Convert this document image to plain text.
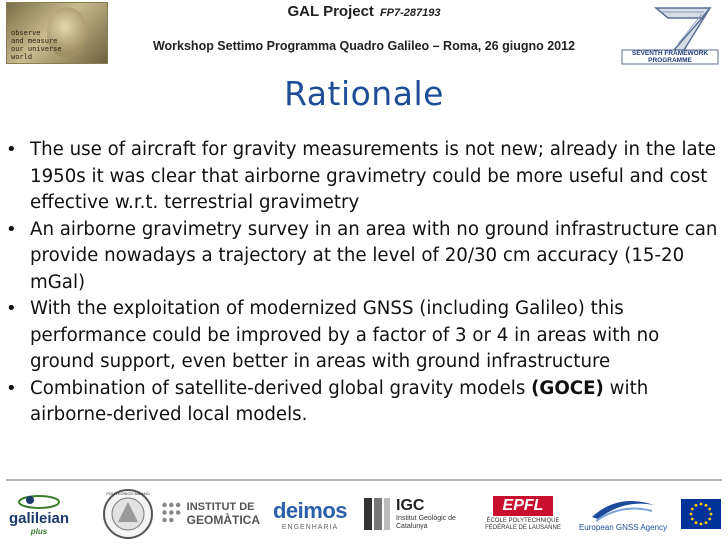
observe
and measure
our universe world
GAL Project FP7-287193
Workshop Settimo Programma Quadro Galileo – Roma, 26 giugno 2012
SEVENTH FRAMEWORK
PROGRAMME
Rationale
• The use of aircraft for gravity measurements is not new; already in the late 1950s it was clear that airborne gravimetry could be more useful and cost effective w.r.t. terrestrial gravimetry
• An airborne gravimetry survey in an area with no ground infrastructure can provide nowadays a trajectory at the level of 20/30 cm accuracy (15-20 mGal)
• With the exploitation of modernized GNSS (including Galileo) this performance could be improved by a factor of 3 or 4 in areas with no ground support, even better in areas with ground infrastructure
• Combination of satellite-derived global gravity models (GOCE) with airborne-derived local models.
galileian
plus
POLITECNICO MILANO
INSTITUT DE
GEOMÀTICA deimos
ENGENHARIA
IGC
Institut Geològic de Catalunya
EPFL
ÉCOLE POLYTECHNIQUE FÉDÉRALE DE LAUSANNE	European GNSS Agency
